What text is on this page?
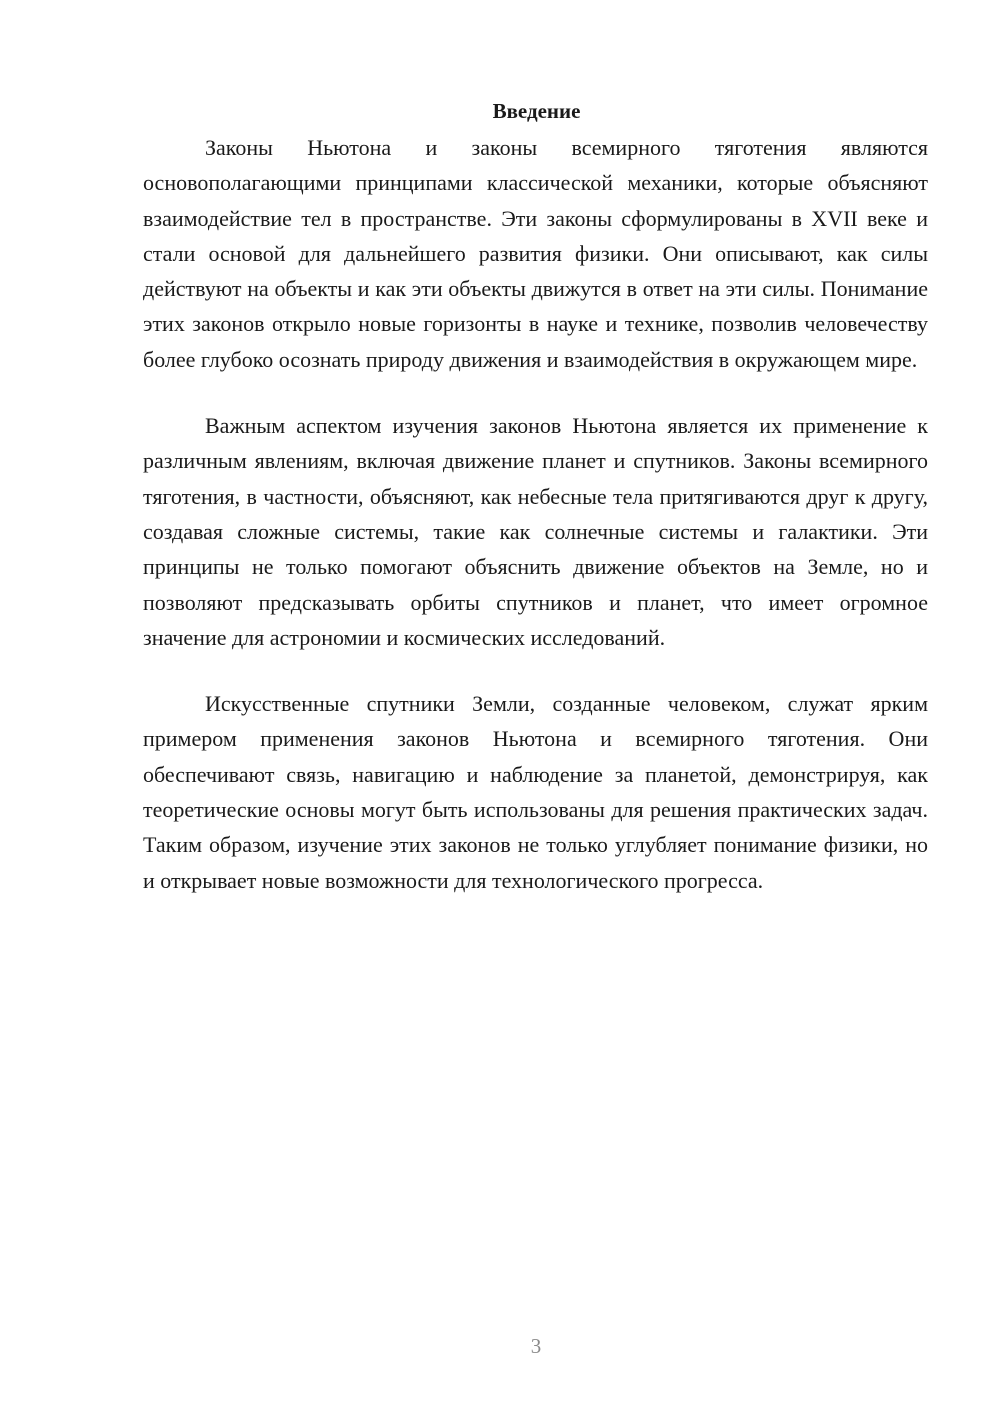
Введение

Законы Ньютона и законы всемирного тяготения являются основополагающими принципами классической механики, которые объясняют взаимодействие тел в пространстве. Эти законы сформулированы в XVII веке и стали основой для дальнейшего развития физики. Они описывают, как силы действуют на объекты и как эти объекты движутся в ответ на эти силы. Понимание этих законов открыло новые горизонты в науке и технике, позволив человечеству более глубоко осознать природу движения и взаимодействия в окружающем мире.

Важным аспектом изучения законов Ньютона является их применение к различным явлениям, включая движение планет и спутников. Законы всемирного тяготения, в частности, объясняют, как небесные тела притягиваются друг к другу, создавая сложные системы, такие как солнечные системы и галактики. Эти принципы не только помогают объяснить движение объектов на Земле, но и позволяют предсказывать орбиты спутников и планет, что имеет огромное значение для астрономии и космических исследований.

Искусственные спутники Земли, созданные человеком, служат ярким примером применения законов Ньютона и всемирного тяготения. Они обеспечивают связь, навигацию и наблюдение за планетой, демонстрируя, как теоретические основы могут быть использованы для решения практических задач. Таким образом, изучение этих законов не только углубляет понимание физики, но и открывает новые возможности для технологического прогресса.

3
